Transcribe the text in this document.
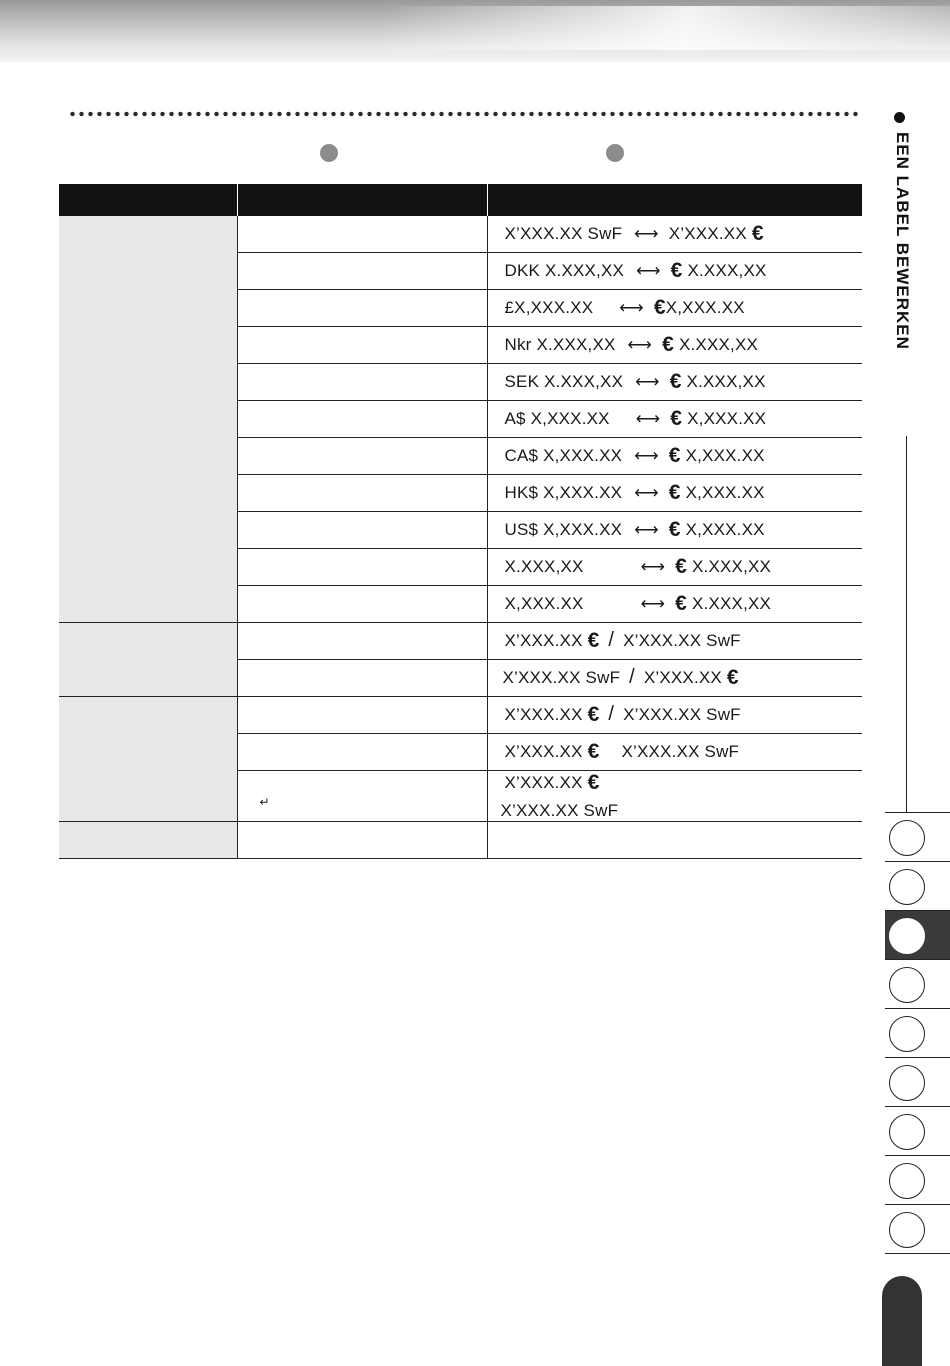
		X’XXX.XX SwF ⟷ X’XXX.XX €
		DKK X.XXX,XX ⟷ € X.XXX,XX
		£X,XXX.XX ⟷ €X,XXX.XX
		Nkr X.XXX,XX ⟷ € X.XXX,XX
		SEK X.XXX,XX ⟷ € X.XXX,XX
		A$ X,XXX.XX ⟷ € X,XXX.XX
		CA$ X,XXX.XX ⟷ € X,XXX.XX
		HK$ X,XXX.XX ⟷ € X,XXX.XX
		US$ X,XXX.XX ⟷ € X,XXX.XX
		X.XXX,XX ⟷ € X.XXX,XX
		X,XXX.XX ⟷ € X.XXX,XX
		X’XXX.XX € / X’XXX.XX SwF
		X’XXX.XX SwF / X’XXX.XX €
		X’XXX.XX € / X’XXX.XX SwF
		X’XXX.XX € X’XXX.XX SwF
	↵	X’XXX.XX €
X’XXX.XX SwF

EEN LABEL BEWERKEN
